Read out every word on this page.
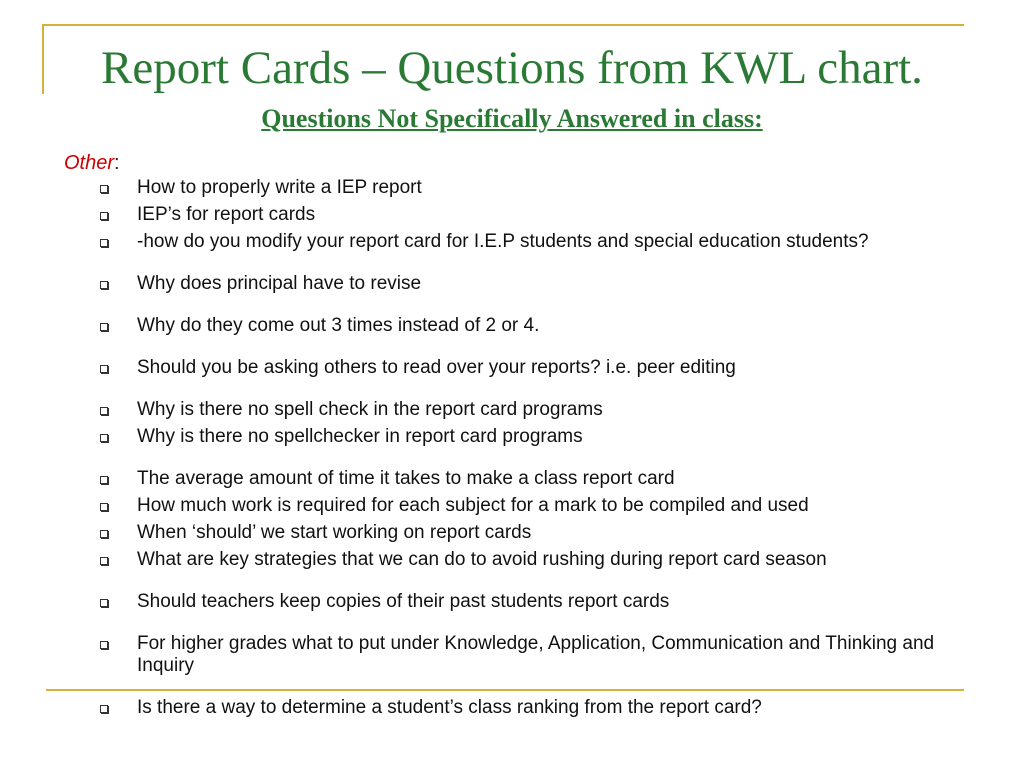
Report Cards – Questions from KWL chart.
Questions Not Specifically Answered in class:
Other:
How to properly write a IEP report
IEP’s for report cards
-how do you modify your report card for I.E.P students and special education students?
Why does principal have to revise
Why do they come out 3 times instead of 2 or 4.
Should you be asking others to read over your reports? i.e. peer editing
Why is there no spell check in the report card programs
Why is there no spellchecker in report card programs
The average amount of time it takes to make a class report card
How much work is required for each subject for a mark to be compiled and used
When ‘should’ we start working on report cards
What are key strategies that we can do to avoid rushing during report card season
Should teachers keep copies of their past students report cards
For higher grades what to put under Knowledge, Application, Communication and Thinking and Inquiry
Is there a way to determine a student’s class ranking from the report card?
